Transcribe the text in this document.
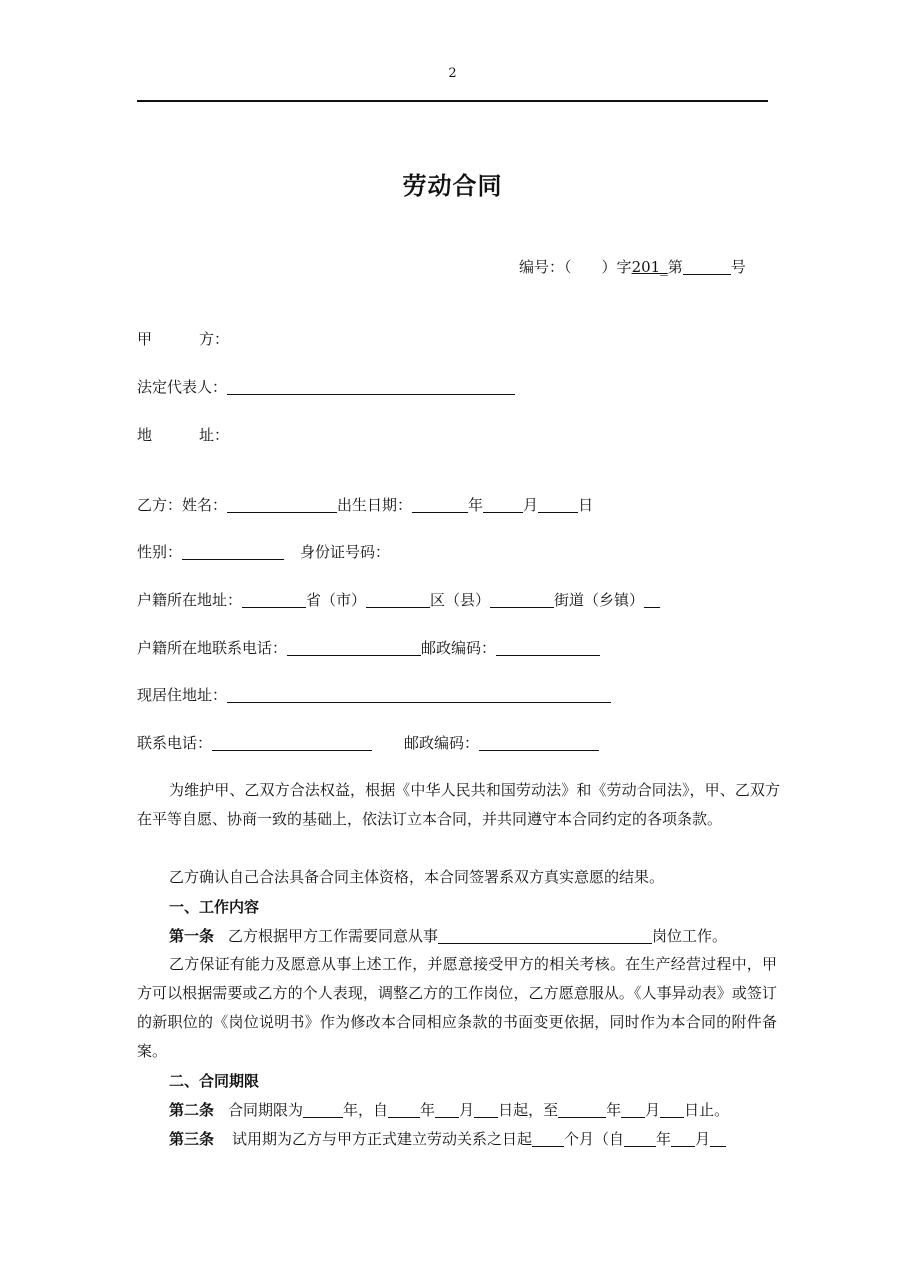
2
劳动合同
编号：（ ）字201_第	号
甲	方：
法定代表人：
地	址：
乙方：姓名：	出生日期：	年	月	日
性别：	身份证号码：
户籍所在地址：	省（市）	区（县）	街道（乡镇）
户籍所在地联系电话：	邮政编码：
现居住地址：
联系电话：	邮政编码：
为维护甲、乙双方合法权益，根据《中华人民共和国劳动法》和《劳动合同法》，甲、乙双方在平等自愿、协商一致的基础上，依法订立本合同，并共同遵守本合同约定的各项条款。
乙方确认自己合法具备合同主体资格，本合同签署系双方真实意愿的结果。
一、工作内容
第一条 乙方根据甲方工作需要同意从事	岗位工作。
乙方保证有能力及愿意从事上述工作，并愿意接受甲方的相关考核。在生产经营过程中，甲方可以根据需要或乙方的个人表现，调整乙方的工作岗位，乙方愿意服从。《人事异动表》或签订的新职位的《岗位说明书》作为修改本合同相应条款的书面变更依据，同时作为本合同的附件备案。
二、合同期限
第二条 合同期限为	年，自 年 月 日起，至	年 月 日止。
第三条 试用期为乙方与甲方正式建立劳动关系之日起 个月（自 年 月
